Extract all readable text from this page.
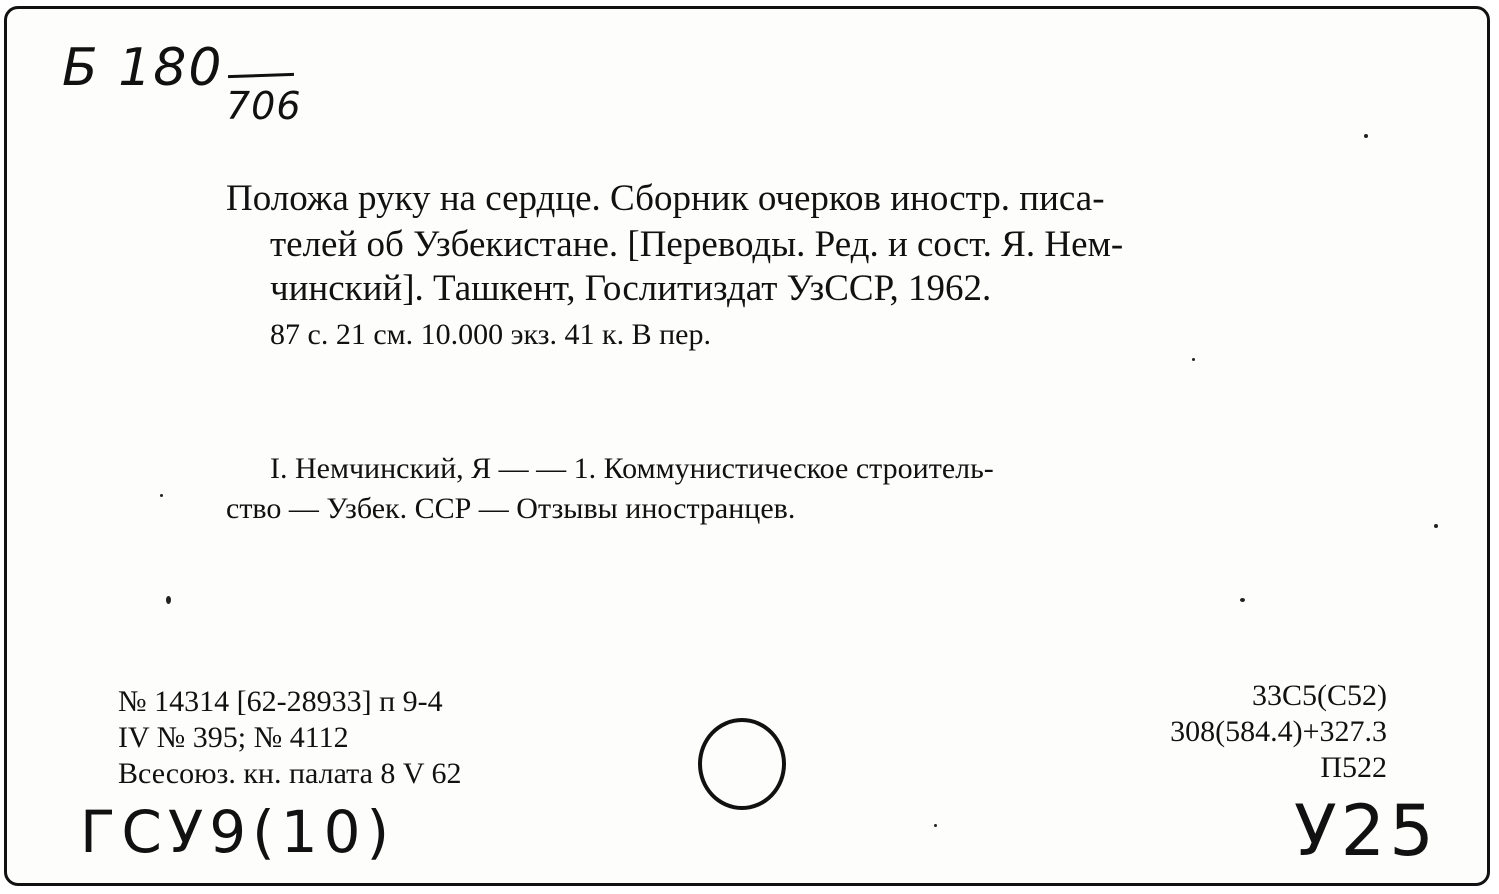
Б 180
706
Положа руку на сердце. Сборник очерков иностр. писа-
телей об Узбекистане. [Переводы. Ред. и сост. Я. Нем-
чинский]. Ташкент, Гослитиздат УзССР, 1962.
87 с. 21 см. 10.000 экз. 41 к. В пер.
I. Немчинский, Я — — 1. Коммунистическое строитель-
ство — Узбек. ССР — Отзывы иностранцев.
№ 14314 [62-28933] п 9-4
IV № 395; № 4112
Всесоюз. кн. палата 8 V 62
33С5(С52)
308(584.4)+327.3
П522
ГСУ9(10)	У25
